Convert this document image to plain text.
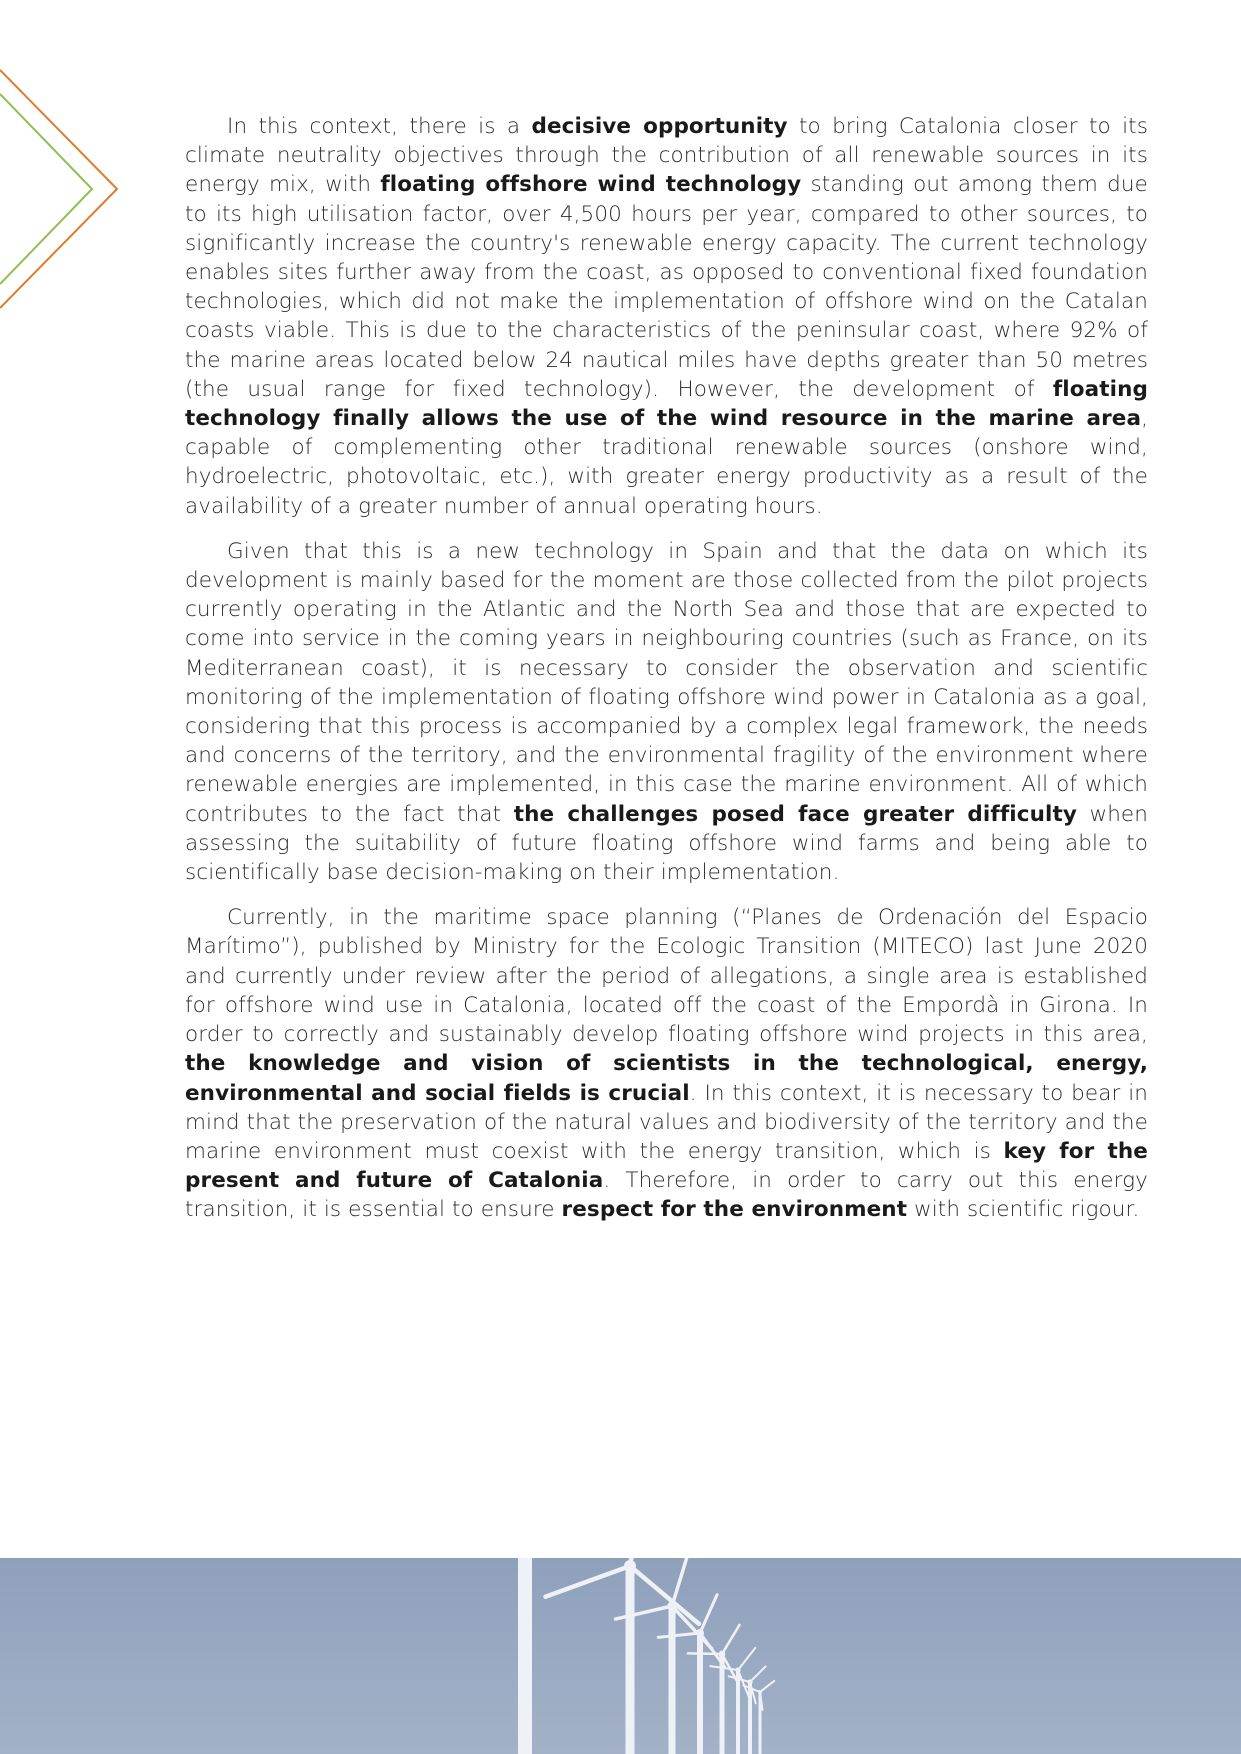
In this context, there is a decisive opportunity to bring Catalonia closer to its climate neutrality objectives through the contribution of all renewable sources in its energy mix, with floating offshore wind technology standing out among them due to its high utilisation factor, over 4,500 hours per year, compared to other sources, to significantly increase the country's renewable energy capacity. The current technology enables sites further away from the coast, as opposed to conventional fixed foundation technologies, which did not make the implementation of offshore wind on the Catalan coasts viable. This is due to the characteristics of the peninsular coast, where 92% of the marine areas located below 24 nautical miles have depths greater than 50 metres (the usual range for fixed technology). However, the development of floating technology finally allows the use of the wind resource in the marine area, capable of complementing other traditional renewable sources (onshore wind, hydroelectric, photovoltaic, etc.), with greater energy productivity as a result of the availability of a greater number of annual operating hours.

Given that this is a new technology in Spain and that the data on which its development is mainly based for the moment are those collected from the pilot projects currently operating in the Atlantic and the North Sea and those that are expected to come into service in the coming years in neighbouring countries (such as France, on its Mediterranean coast), it is necessary to consider the observation and scientific monitoring of the implementation of floating offshore wind power in Catalonia as a goal, considering that this process is accompanied by a complex legal framework, the needs and concerns of the territory, and the environmental fragility of the environment where renewable energies are implemented, in this case the marine environment. All of which contributes to the fact that the challenges posed face greater difficulty when assessing the suitability of future floating offshore wind farms and being able to scientifically base decision-making on their implementation.

Currently, in the maritime space planning (“Planes de Ordenación del Espacio Marítimo”), published by Ministry for the Ecologic Transition (MITECO) last June 2020 and currently under review after the period of allegations, a single area is established for offshore wind use in Catalonia, located off the coast of the Empordà in Girona. In order to correctly and sustainably develop floating offshore wind projects in this area, the knowledge and vision of scientists in the technological, energy, environmental and social fields is crucial. In this context, it is necessary to bear in mind that the preservation of the natural values and biodiversity of the territory and the marine environment must coexist with the energy transition, which is key for the present and future of Catalonia. Therefore, in order to carry out this energy transition, it is essential to ensure respect for the environment with scientific rigour.
